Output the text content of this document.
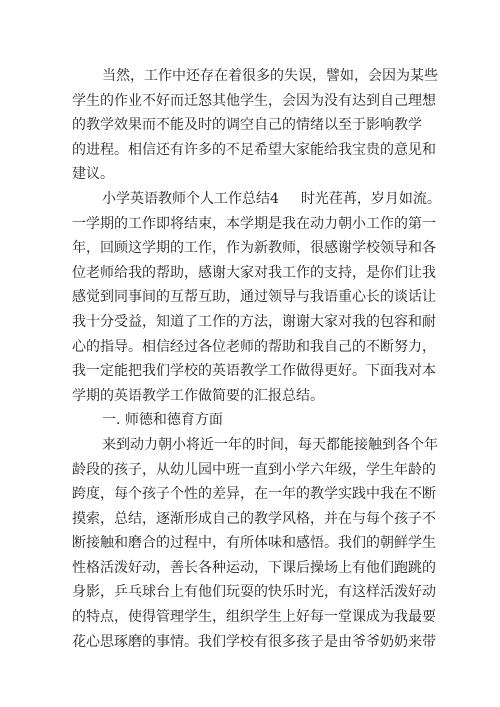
当然，工作中还存在着很多的失误，譬如，会因为某些
学生的作业不好而迁怒其他学生，会因为没有达到自己理想
的教学效果而不能及时的调空自己的情绪以至于影响教学
的进程。相信还有许多的不足希望大家能给我宝贵的意见和
建议。
小学英语教师个人工作总结4 时光荏苒，岁月如流。
一学期的工作即将结束，本学期是我在动力朝小工作的第一
年，回顾这学期的工作，作为新教师，很感谢学校领导和各
位老师给我的帮助，感谢大家对我工作的支持，是你们让我
感觉到同事间的互帮互助，通过领导与我语重心长的谈话让
我十分受益，知道了工作的方法，谢谢大家对我的包容和耐
心的指导。相信经过各位老师的帮助和我自己的不断努力，
我一定能把我们学校的英语教学工作做得更好。下面我对本
学期的英语教学工作做简要的汇报总结。
一. 师德和德育方面
来到动力朝小将近一年的时间，每天都能接触到各个年
龄段的孩子，从幼儿园中班一直到小学六年级，学生年龄的
跨度，每个孩子个性的差异，在一年的教学实践中我在不断
摸索，总结，逐渐形成自己的教学风格，并在与每个孩子不
断接触和磨合的过程中，有所体味和感悟。我们的朝鲜学生
性格活泼好动，善长各种运动，下课后操场上有他们跑跳的
身影，乒乓球台上有他们玩耍的快乐时光，有这样活泼好动
的特点，使得管理学生，组织学生上好每一堂课成为我最要
花心思琢磨的事情。我们学校有很多孩子是由爷爷奶奶来带
